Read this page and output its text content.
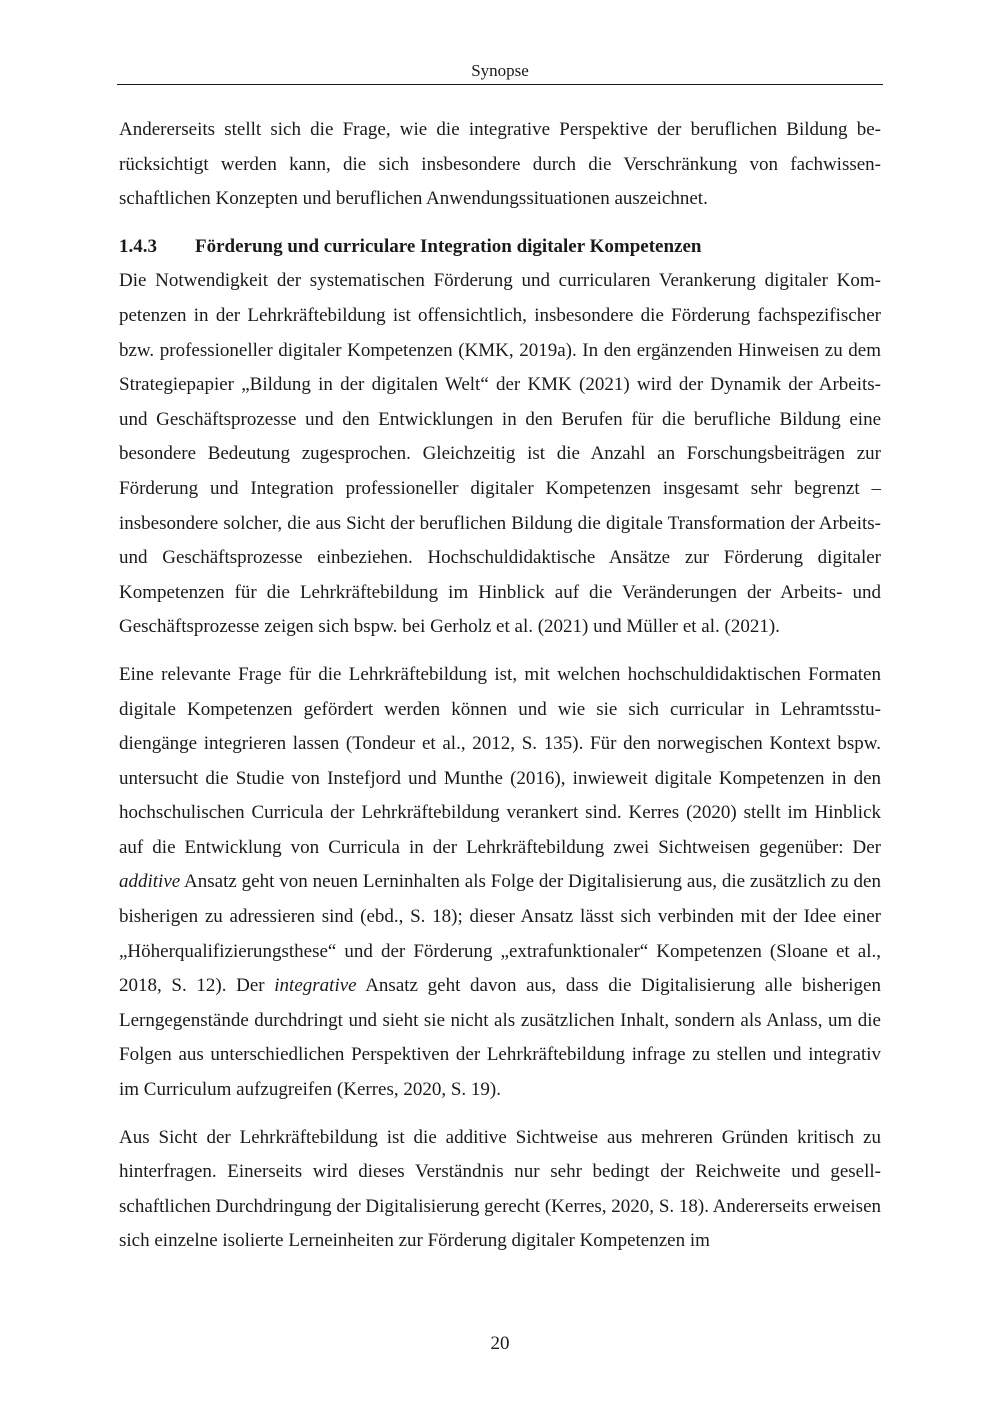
Synopse

Andererseits stellt sich die Frage, wie die integrative Perspektive der beruflichen Bildung berücksichtigt werden kann, die sich insbesondere durch die Verschränkung von fachwissenschaftlichen Konzepten und beruflichen Anwendungssituationen auszeichnet.

1.4.3 Förderung und curriculare Integration digitaler Kompetenzen

Die Notwendigkeit der systematischen Förderung und curricularen Verankerung digitaler Kompetenzen in der Lehrkräftebildung ist offensichtlich, insbesondere die Förderung fachspezifischer bzw. professioneller digitaler Kompetenzen (KMK, 2019a). In den ergänzenden Hinweisen zu dem Strategiepapier „Bildung in der digitalen Welt“ der KMK (2021) wird der Dynamik der Arbeits- und Geschäftsprozesse und den Entwicklungen in den Berufen für die berufliche Bildung eine besondere Bedeutung zugesprochen. Gleichzeitig ist die Anzahl an Forschungsbeiträgen zur Förderung und Integration professioneller digitaler Kompetenzen insgesamt sehr begrenzt – insbesondere solcher, die aus Sicht der beruflichen Bildung die digitale Transformation der Arbeits- und Geschäftsprozesse einbeziehen. Hochschuldidaktische Ansätze zur Förderung digitaler Kompetenzen für die Lehrkräftebildung im Hinblick auf die Veränderungen der Arbeits- und Geschäftsprozesse zeigen sich bspw. bei Gerholz et al. (2021) und Müller et al. (2021).

Eine relevante Frage für die Lehrkräftebildung ist, mit welchen hochschuldidaktischen Formaten digitale Kompetenzen gefördert werden können und wie sie sich curricular in Lehramtsstudiengänge integrieren lassen (Tondeur et al., 2012, S. 135). Für den norwegischen Kontext bspw. untersucht die Studie von Instefjord und Munthe (2016), inwieweit digitale Kompetenzen in den hochschulischen Curricula der Lehrkräftebildung verankert sind. Kerres (2020) stellt im Hinblick auf die Entwicklung von Curricula in der Lehrkräftebildung zwei Sichtweisen gegenüber: Der additive Ansatz geht von neuen Lerninhalten als Folge der Digitalisierung aus, die zusätzlich zu den bisherigen zu adressieren sind (ebd., S. 18); dieser Ansatz lässt sich verbinden mit der Idee einer „Höherqualifizierungsthese“ und der Förderung „extrafunktionaler“ Kompetenzen (Sloane et al., 2018, S. 12). Der integrative Ansatz geht davon aus, dass die Digitalisierung alle bisherigen Lerngegenstände durchdringt und sieht sie nicht als zusätzlichen Inhalt, sondern als Anlass, um die Folgen aus unterschiedlichen Perspektiven der Lehrkräftebildung infrage zu stellen und integrativ im Curriculum aufzugreifen (Kerres, 2020, S. 19).

Aus Sicht der Lehrkräftebildung ist die additive Sichtweise aus mehreren Gründen kritisch zu hinterfragen. Einerseits wird dieses Verständnis nur sehr bedingt der Reichweite und gesellschaftlichen Durchdringung der Digitalisierung gerecht (Kerres, 2020, S. 18). Andererseits erweisen sich einzelne isolierte Lerneinheiten zur Förderung digitaler Kompetenzen im

20
